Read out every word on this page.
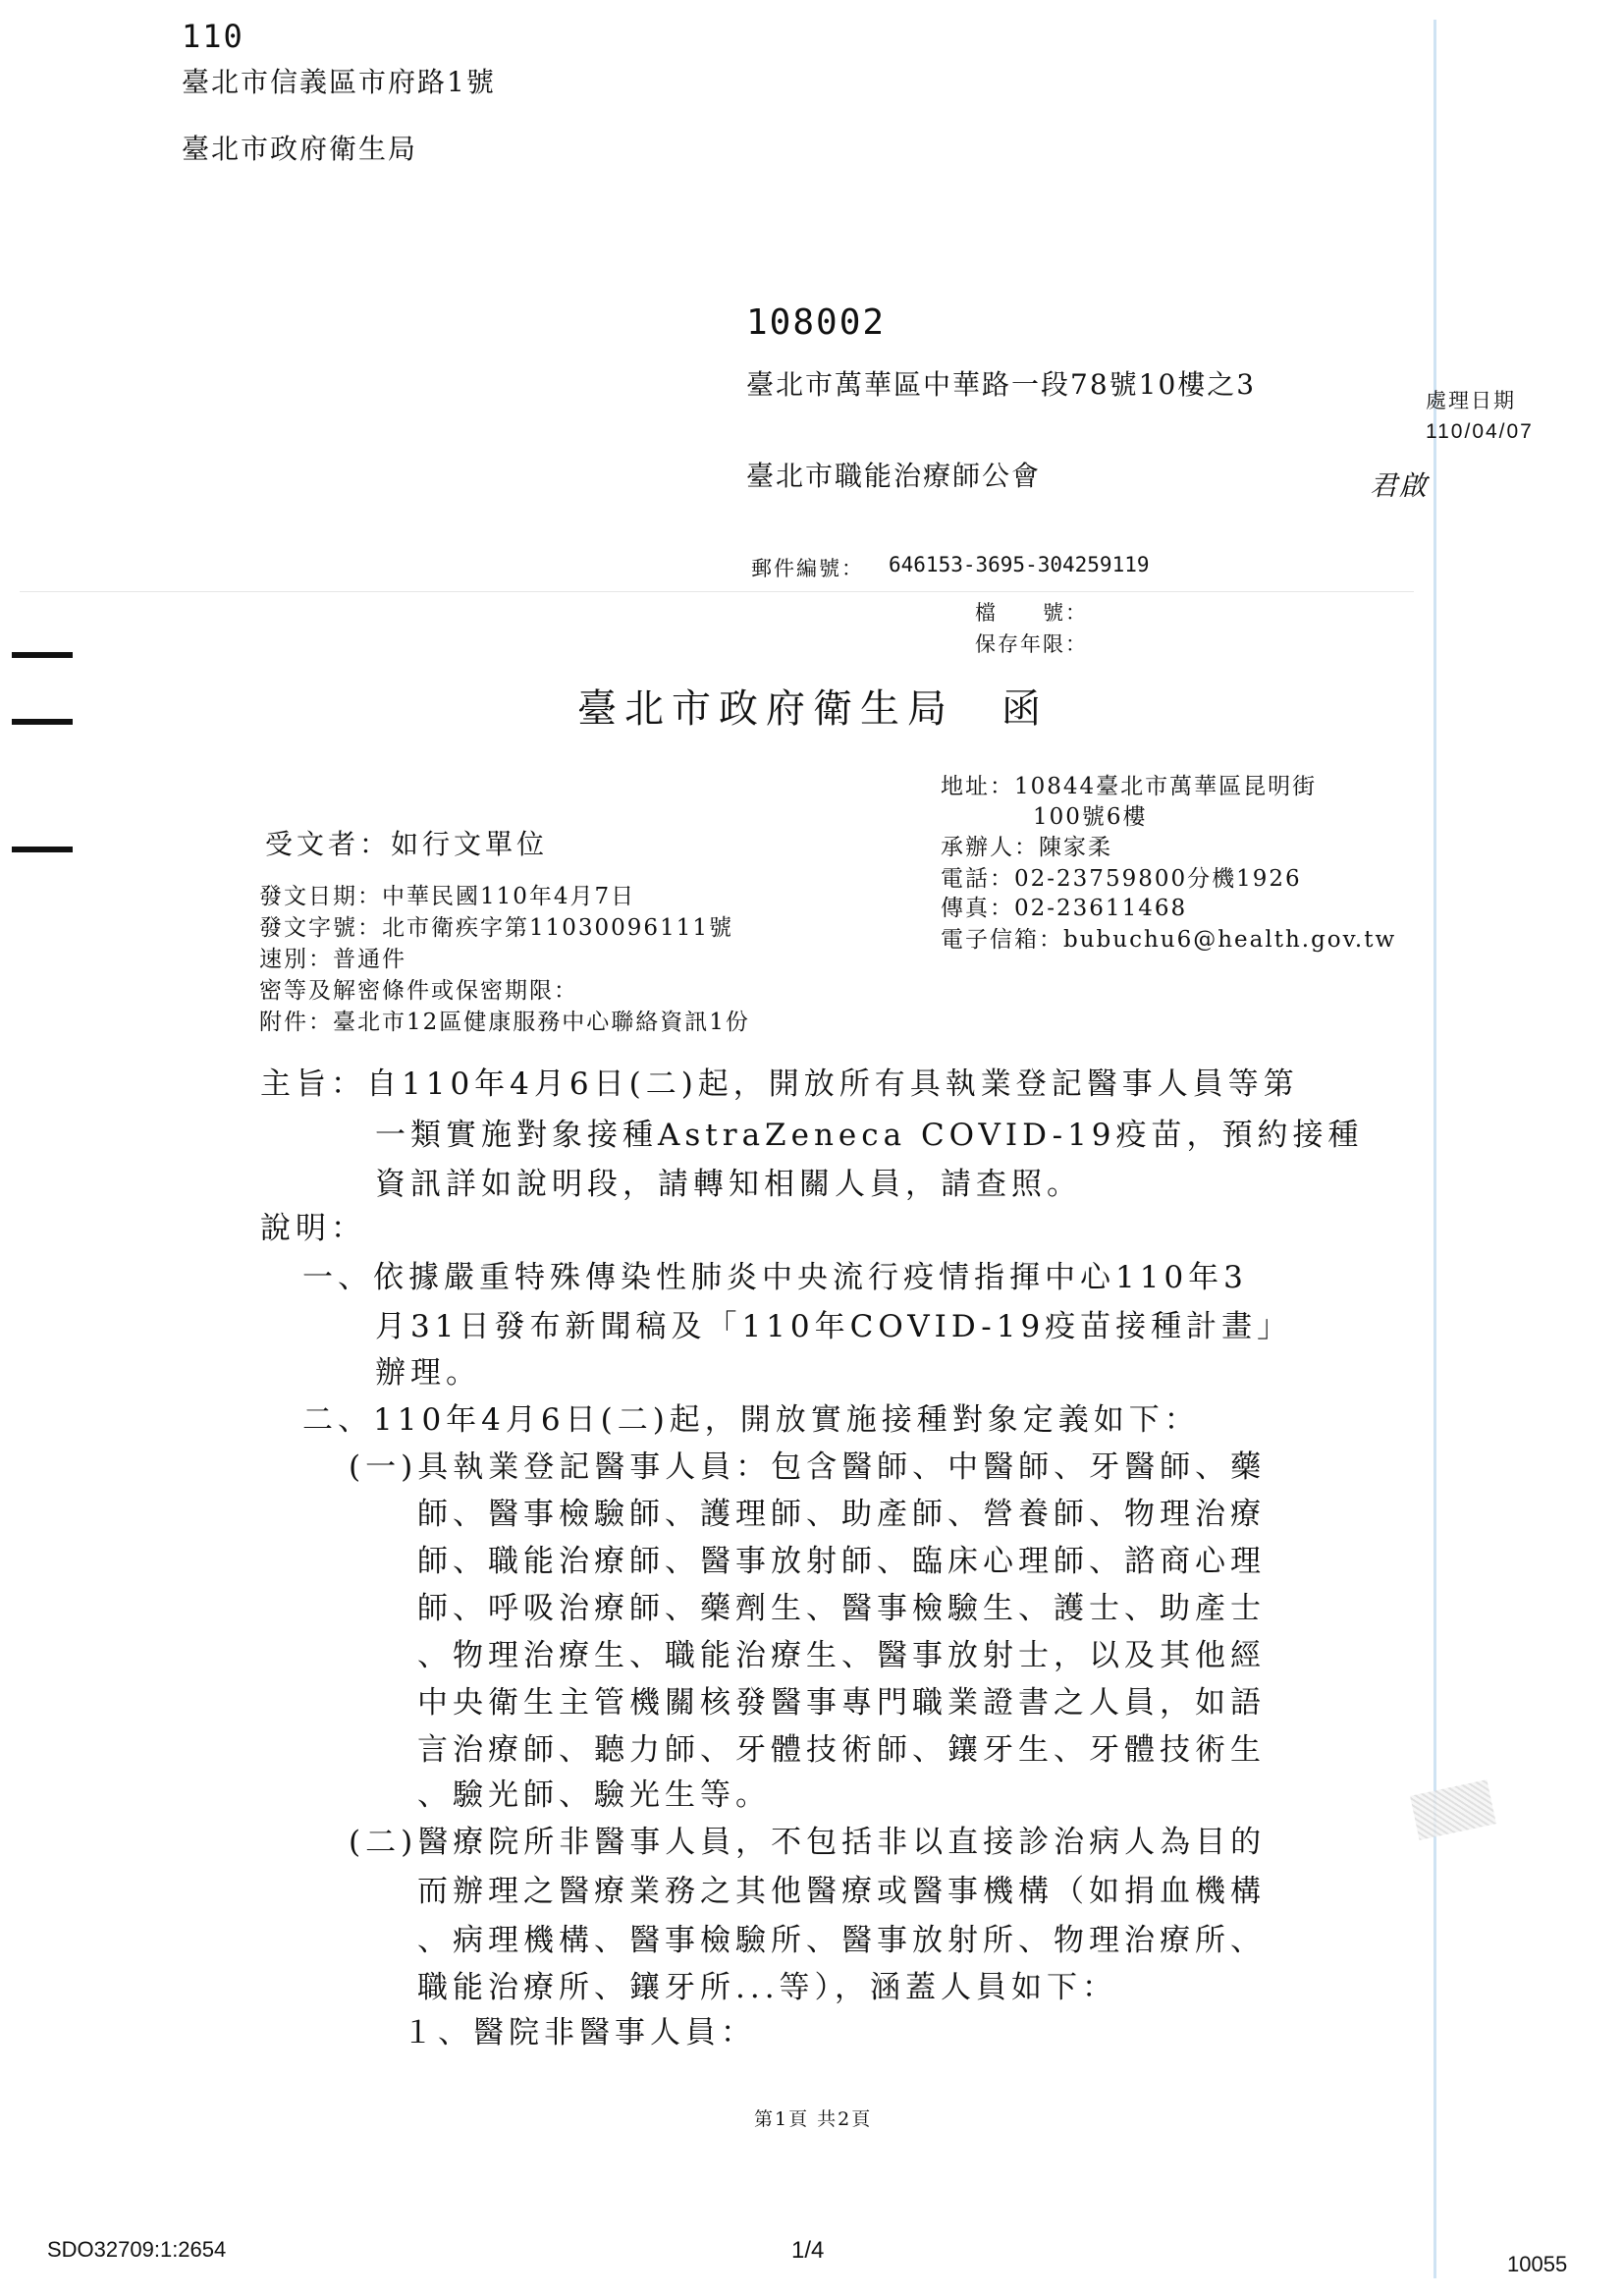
110
臺北市信義區市府路1號
臺北市政府衛生局
108002
臺北市萬華區中華路一段78號10樓之3
臺北市職能治療師公會	君啟
處理日期
110/04/07
郵件編號： 646153-3695-304259119
檔　　號：
保存年限：
臺北市政府衛生局　函
地址：10844臺北市萬華區昆明街
100號6樓
承辦人：陳家柔
電話：02-23759800分機1926
傳真：02-23611468
電子信箱：bubuchu6@health.gov.tw
受文者：如行文單位
發文日期：中華民國110年4月7日
發文字號：北市衛疾字第11030096111號
速別：普通件
密等及解密條件或保密期限：
附件：臺北市12區健康服務中心聯絡資訊1份
主旨：自110年4月6日(二)起，開放所有具執業登記醫事人員等第
一類實施對象接種AstraZeneca COVID-19疫苗，預約接種
資訊詳如說明段，請轉知相關人員，請查照。
說明：
一、依據嚴重特殊傳染性肺炎中央流行疫情指揮中心110年3
月31日發布新聞稿及「110年COVID-19疫苗接種計畫」
辦理。
二、110年4月6日(二)起，開放實施接種對象定義如下：
(一)具執業登記醫事人員：包含醫師、中醫師、牙醫師、藥
師、醫事檢驗師、護理師、助產師、營養師、物理治療
師、職能治療師、醫事放射師、臨床心理師、諮商心理
師、呼吸治療師、藥劑生、醫事檢驗生、護士、助產士
、物理治療生、職能治療生、醫事放射士，以及其他經
中央衛生主管機關核發醫事專門職業證書之人員，如語
言治療師、聽力師、牙體技術師、鑲牙生、牙體技術生
、驗光師、驗光生等。
(二)醫療院所非醫事人員，不包括非以直接診治病人為目的
而辦理之醫療業務之其他醫療或醫事機構（如捐血機構
、病理機構、醫事檢驗所、醫事放射所、物理治療所、
職能治療所、鑲牙所...等），涵蓋人員如下：
１、醫院非醫事人員：
第1頁 共2頁
SDO32709:1:2654	1/4
10055
